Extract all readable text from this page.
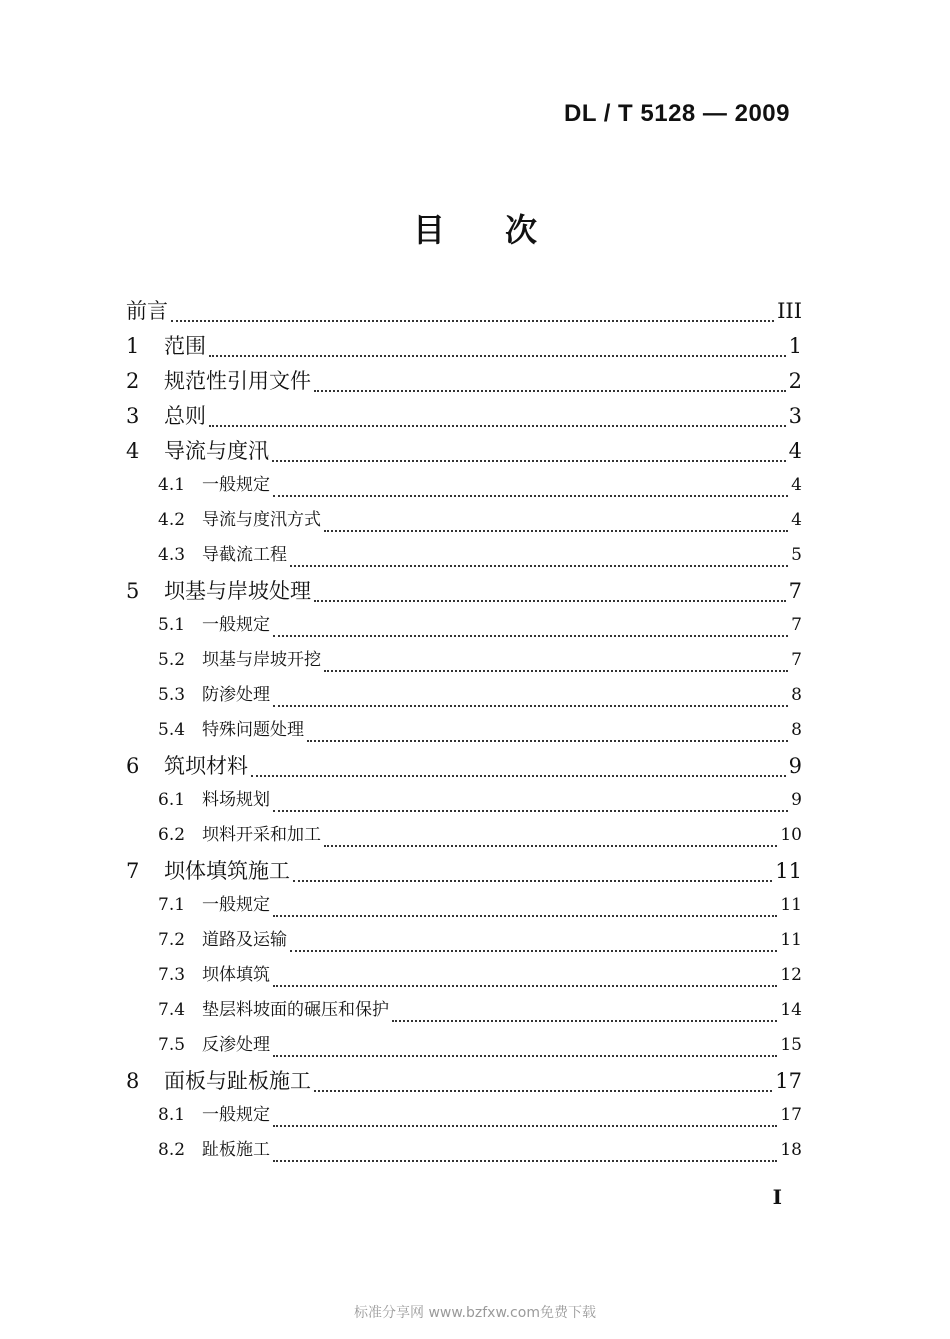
DL / T 5128 — 2009
目次
前言	III
1	范围	1
2	规范性引用文件	2
3	总则	3
4	导流与度汛	4
4.1 一般规定	4
4.2 导流与度汛方式	4
4.3 导截流工程	5
5	坝基与岸坡处理	7
5.1 一般规定	7
5.2 坝基与岸坡开挖	7
5.3 防渗处理	8
5.4 特殊问题处理	8
6	筑坝材料	9
6.1 料场规划	9
6.2 坝料开采和加工	10
7	坝体填筑施工	11
7.1 一般规定	11
7.2 道路及运输	11
7.3 坝体填筑	12
7.4 垫层料坡面的碾压和保护	14
7.5 反渗处理	15
8	面板与趾板施工	17
8.1 一般规定	17
8.2 趾板施工	18
I
标准分享网 www.bzfxw.com免费下载
